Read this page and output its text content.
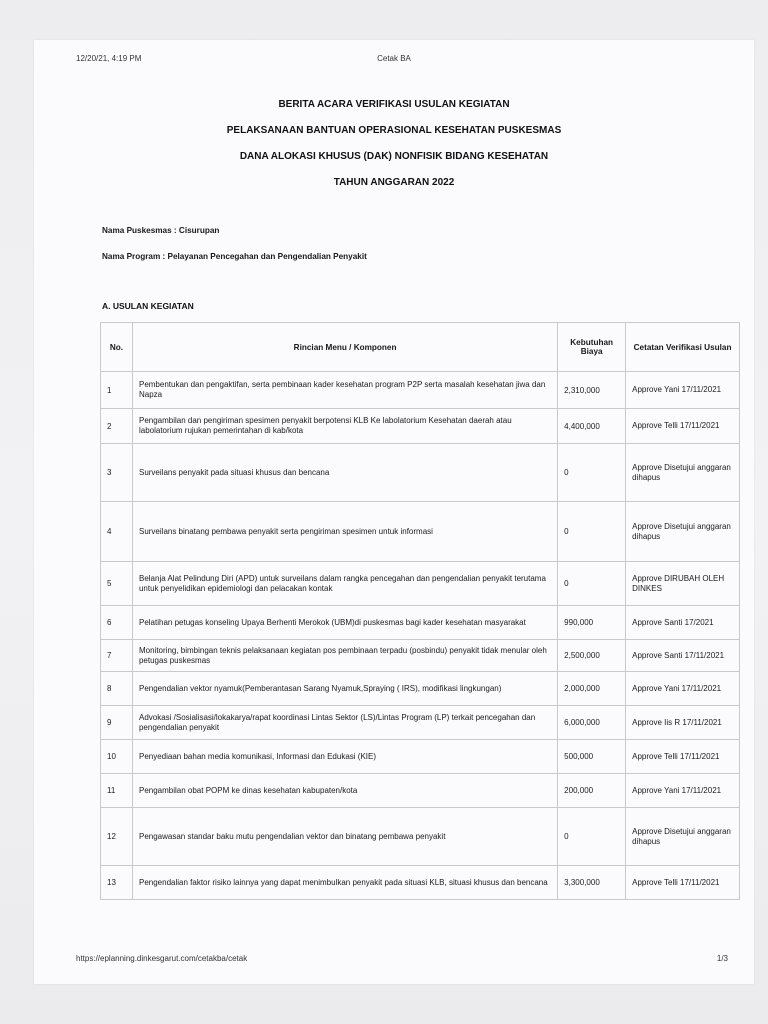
12/20/21, 4:19 PM	Cetak BA
BERITA ACARA VERIFIKASI USULAN KEGIATAN
PELAKSANAAN BANTUAN OPERASIONAL KESEHATAN PUSKESMAS
DANA ALOKASI KHUSUS (DAK) NONFISIK BIDANG KESEHATAN
TAHUN ANGGARAN 2022
Nama Puskesmas : Cisurupan
Nama Program : Pelayanan Pencegahan dan Pengendalian Penyakit
A. USULAN KEGIATAN
No.	Rincian Menu / Komponen	Kebutuhan Biaya	Cetatan Verifikasi Usulan
1	Pembentukan dan pengaktifan, serta pembinaan kader kesehatan program P2P serta masalah kesehatan jiwa dan Napza	2,310,000	Approve Yani 17/11/2021
2	Pengambilan dan pengiriman spesimen penyakit berpotensi KLB Ke labolatorium Kesehatan daerah atau labolatorium rujukan pemerintahan di kab/kota	4,400,000	Approve Telli 17/11/2021
3	Surveilans penyakit pada situasi khusus dan bencana	0	Approve Disetujui anggaran dihapus
4	Surveilans binatang pembawa penyakit serta pengiriman spesimen untuk informasi	0	Approve Disetujui anggaran dihapus
5	Belanja Alat Pelindung Diri (APD) untuk surveilans dalam rangka pencegahan dan pengendalian penyakit terutama untuk penyelidikan epidemiologi dan pelacakan kontak	0	Approve DIRUBAH OLEH DINKES
6	Pelatihan petugas konseling Upaya Berhenti Merokok (UBM)di puskesmas bagi kader kesehatan masyarakat	990,000	Approve Santi 17/2021
7	Monitoring, bimbingan teknis pelaksanaan kegiatan pos pembinaan terpadu (posbindu) penyakit tidak menular oleh petugas puskesmas	2,500,000	Approve Santi 17/11/2021
8	Pengendalian vektor nyamuk(Pemberantasan Sarang Nyamuk,Spraying ( IRS), modifikasi lingkungan)	2,000,000	Approve Yani 17/11/2021
9	Advokasi /Sosialisasi/lokakarya/rapat koordinasi Lintas Sektor (LS)/Lintas Program (LP) terkait pencegahan dan pengendalian penyakit	6,000,000	Approve Iis R 17/11/2021
10	Penyediaan bahan media komunikasi, Informasi dan Edukasi (KIE)	500,000	Approve Telli 17/11/2021
11	Pengambilan obat POPM ke dinas kesehatan kabupaten/kota	200,000	Approve Yani 17/11/2021
12	Pengawasan standar baku mutu pengendalian vektor dan binatang pembawa penyakit	0	Approve Disetujui anggaran dihapus
13	Pengendalian faktor risiko lainnya yang dapat menimbulkan penyakit pada situasi KLB, situasi khusus dan bencana	3,300,000	Approve Telli 17/11/2021
https://eplanning.dinkesgarut.com/cetakba/cetak	1/3
